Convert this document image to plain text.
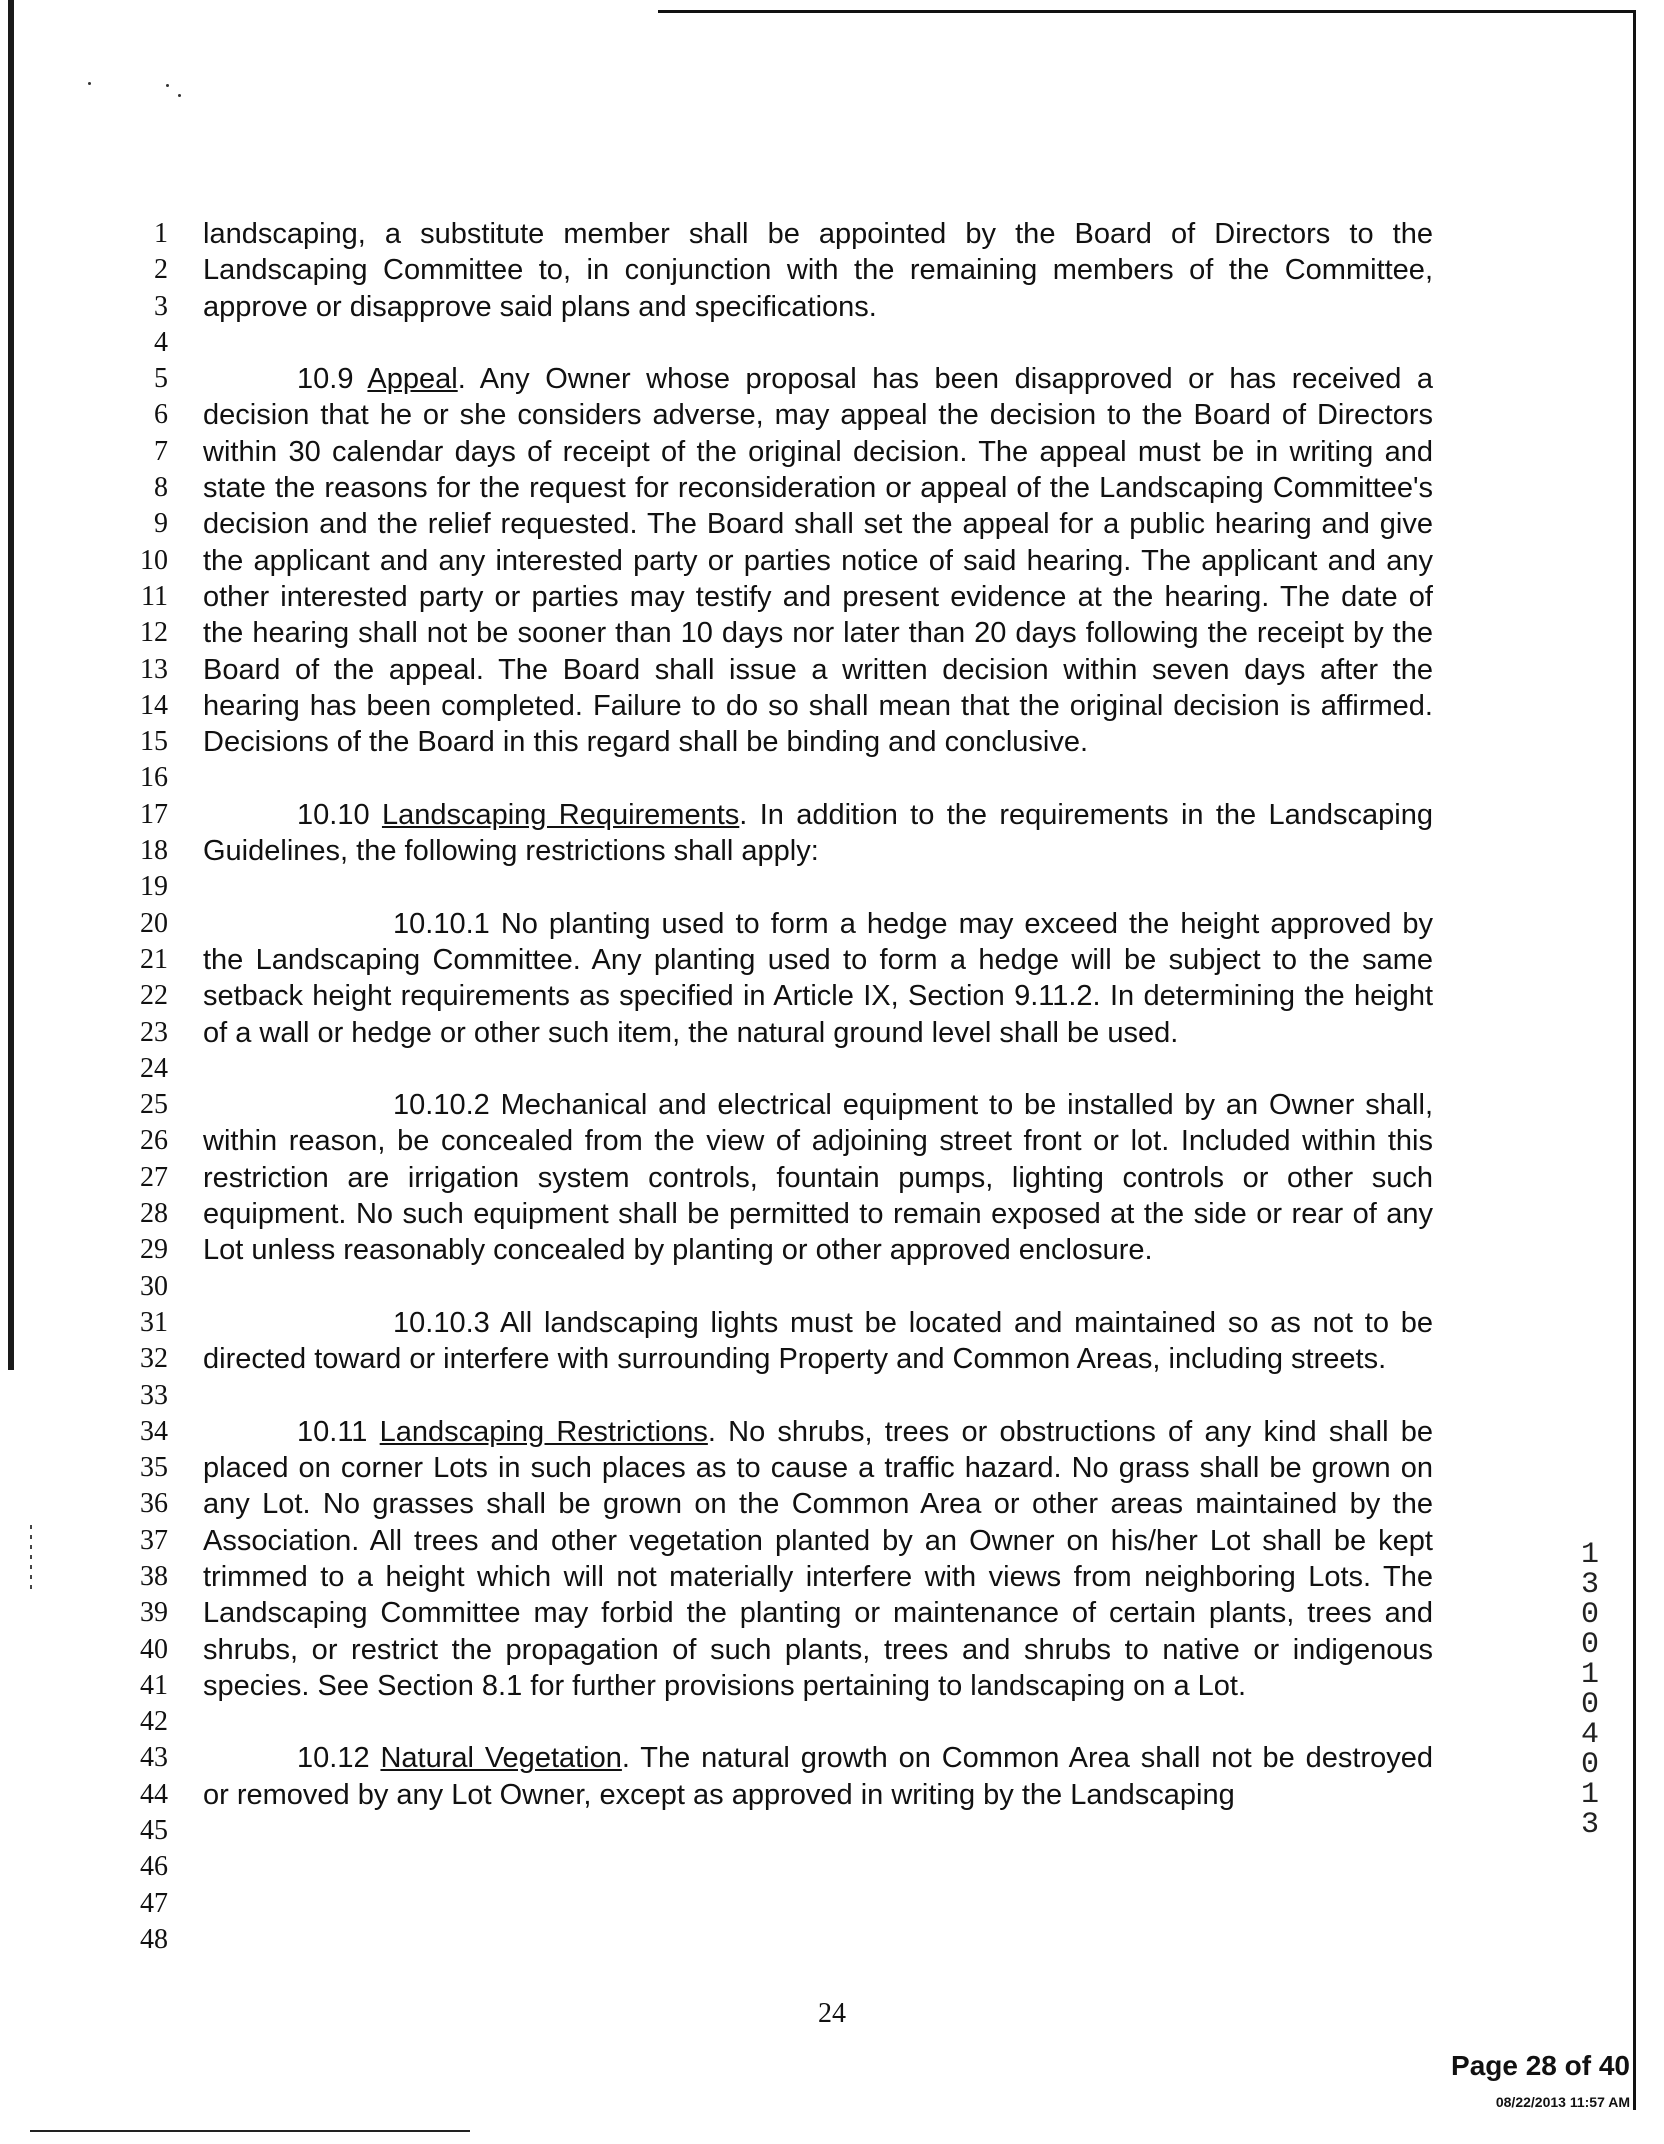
1
2
3
4
5
6
7
8
9
10
11
12
13
14
15
16
17
18
19
20
21
22
23
24
25
26
27
28
29
30
31
32
33
34
35
36
37
38
39
40
41
42
43
44
45
46
47
48

landscaping, a substitute member shall be appointed by the Board of Directors to the Landscaping Committee to, in conjunction with the remaining members of the Committee, approve or disapprove said plans and specifications.

10.9 Appeal. Any Owner whose proposal has been disapproved or has received a decision that he or she considers adverse, may appeal the decision to the Board of Directors within 30 calendar days of receipt of the original decision. The appeal must be in writing and state the reasons for the request for reconsideration or appeal of the Landscaping Committee's decision and the relief requested. The Board shall set the appeal for a public hearing and give the applicant and any interested party or parties notice of said hearing. The applicant and any other interested party or parties may testify and present evidence at the hearing. The date of the hearing shall not be sooner than 10 days nor later than 20 days following the receipt by the Board of the appeal. The Board shall issue a written decision within seven days after the hearing has been completed. Failure to do so shall mean that the original decision is affirmed. Decisions of the Board in this regard shall be binding and conclusive.

10.10 Landscaping Requirements. In addition to the requirements in the Landscaping Guidelines, the following restrictions shall apply:

10.10.1 No planting used to form a hedge may exceed the height approved by the Landscaping Committee. Any planting used to form a hedge will be subject to the same setback height requirements as specified in Article IX, Section 9.11.2. In determining the height of a wall or hedge or other such item, the natural ground level shall be used.

10.10.2 Mechanical and electrical equipment to be installed by an Owner shall, within reason, be concealed from the view of adjoining street front or lot. Included within this restriction are irrigation system controls, fountain pumps, lighting controls or other such equipment. No such equipment shall be permitted to remain exposed at the side or rear of any Lot unless reasonably concealed by planting or other approved enclosure.

10.10.3 All landscaping lights must be located and maintained so as not to be directed toward or interfere with surrounding Property and Common Areas, including streets.

10.11 Landscaping Restrictions. No shrubs, trees or obstructions of any kind shall be placed on corner Lots in such places as to cause a traffic hazard. No grass shall be grown on any Lot. No grasses shall be grown on the Common Area or other areas maintained by the Association. All trees and other vegetation planted by an Owner on his/her Lot shall be kept trimmed to a height which will not materially interfere with views from neighboring Lots. The Landscaping Committee may forbid the planting or maintenance of certain plants, trees and shrubs, or restrict the propagation of such plants, trees and shrubs to native or indigenous species. See Section 8.1 for further provisions pertaining to landscaping on a Lot.

10.12 Natural Vegetation. The natural growth on Common Area shall not be destroyed or removed by any Lot Owner, except as approved in writing by the Landscaping

24
Page 28 of 40
08/22/2013 11:57 AM
13001 04013
